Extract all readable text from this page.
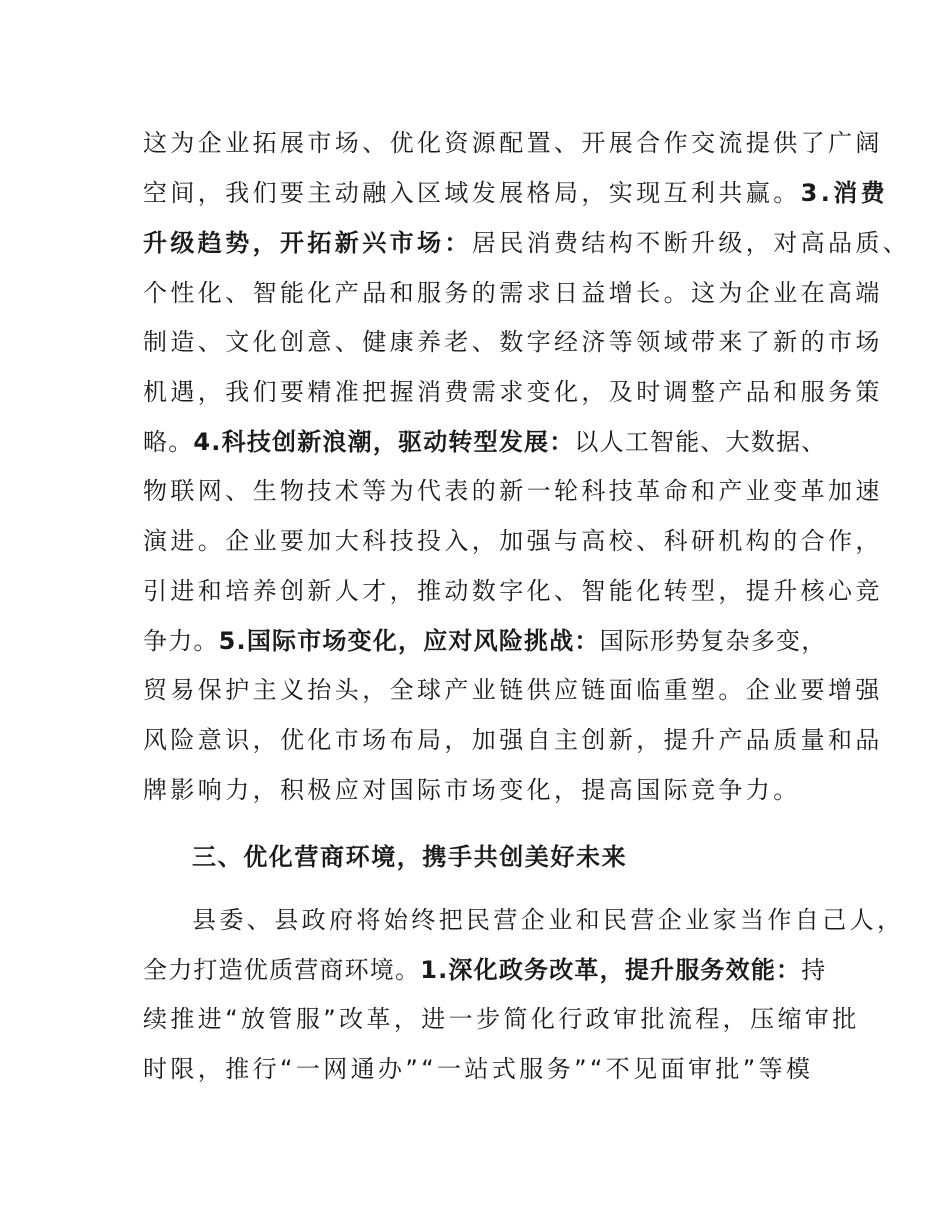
这为企业拓展市场、优化资源配置、开展合作交流提供了广阔
空间，我们要主动融入区域发展格局，实现互利共赢。3.消费
升级趋势，开拓新兴市场：居民消费结构不断升级，对高品质、
个性化、智能化产品和服务的需求日益增长。这为企业在高端
制造、文化创意、健康养老、数字经济等领域带来了新的市场
机遇，我们要精准把握消费需求变化，及时调整产品和服务策
略。4.科技创新浪潮，驱动转型发展：以人工智能、大数据、
物联网、生物技术等为代表的新一轮科技革命和产业变革加速
演进。企业要加大科技投入，加强与高校、科研机构的合作，
引进和培养创新人才，推动数字化、智能化转型，提升核心竞
争力。5.国际市场变化，应对风险挑战：国际形势复杂多变，
贸易保护主义抬头，全球产业链供应链面临重塑。企业要增强
风险意识，优化市场布局，加强自主创新，提升产品质量和品
牌影响力，积极应对国际市场变化，提高国际竞争力。
三、优化营商环境，携手共创美好未来
县委、县政府将始终把民营企业和民营企业家当作自己人，
全力打造优质营商环境。1.深化政务改革，提升服务效能：持
续推进“放管服”改革，进一步简化行政审批流程，压缩审批
时限，推行“一网通办”“一站式服务”“不见面审批”等模
